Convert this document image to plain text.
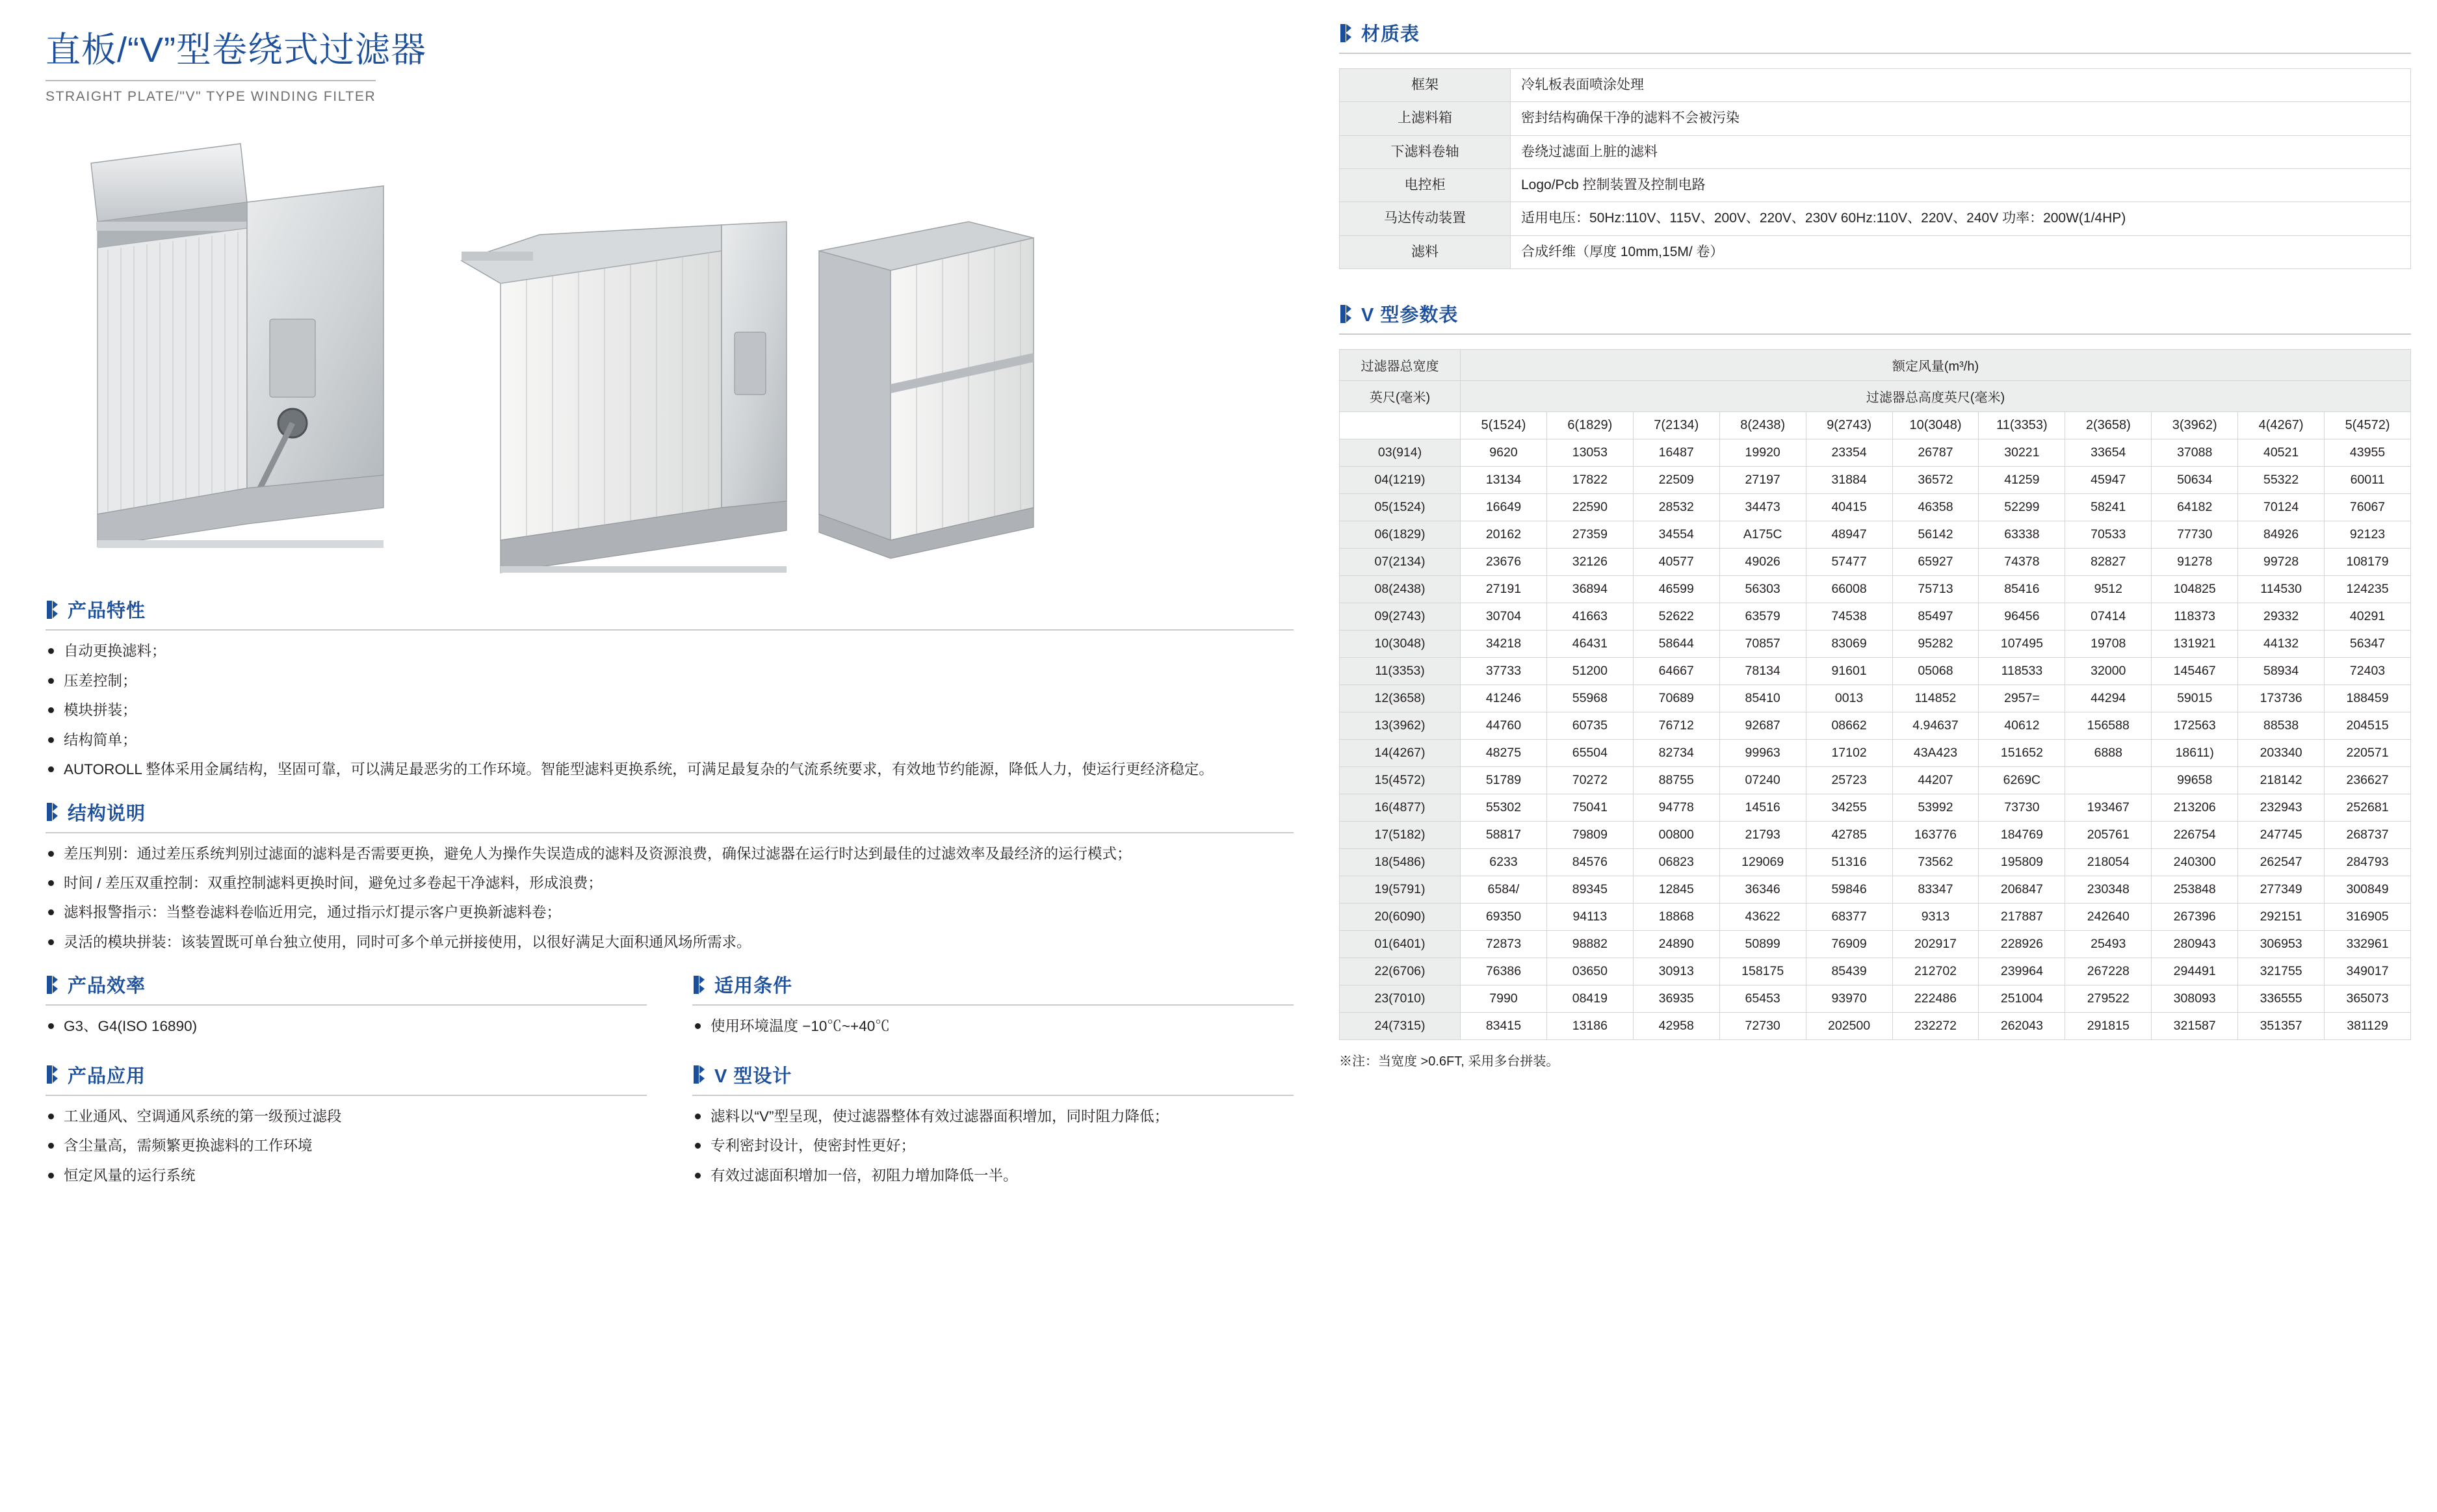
直板/“V”型卷绕式过滤器
STRAIGHT PLATE/"V" TYPE WINDING FILTER
产品特性
自动更换滤料；
压差控制；
模块拼装；
结构简单；
AUTOROLL 整体采用金属结构，坚固可靠，可以满足最恶劣的工作环境。智能型滤料更换系统，可满足最复杂的气流系统要求，有效地节约能源，降低人力，使运行更经济稳定。
结构说明
差压判别：通过差压系统判别过滤面的滤料是否需要更换，避免人为操作失误造成的滤料及资源浪费，确保过滤器在运行时达到最佳的过滤效率及最经济的运行模式；
时间 / 差压双重控制：双重控制滤料更换时间，避免过多卷起干净滤料，形成浪费；
滤料报警指示：当整卷滤料卷临近用完，通过指示灯提示客户更换新滤料卷；
灵活的模块拼装：该装置既可单台独立使用，同时可多个单元拼接使用，以很好满足大面积通风场所需求。
产品效率
G3、G4(ISO 16890)
适用条件
使用环境温度 −10℃~+40℃
产品应用
工业通风、空调通风系统的第一级预过滤段
含尘量高，需频繁更换滤料的工作环境
恒定风量的运行系统
V 型设计
滤料以“V”型呈现，使过滤器整体有效过滤器面积增加，同时阻力降低；
专利密封设计，使密封性更好；
有效过滤面积增加一倍，初阻力增加降低一半。
材质表
框架	冷轧板表面喷涂处理
上滤料箱	密封结构确保干净的滤料不会被污染
下滤料卷轴	卷绕过滤面上脏的滤料
电控柜	Logo/Pcb 控制装置及控制电路
马达传动装置	适用电压：50Hz:110V、115V、200V、220V、230V 60Hz:110V、220V、240V 功率：200W(1/4HP)
滤料	合成纤维（厚度 10mm,15M/ 卷）
V 型参数表
过滤器总宽度	额定风量(m³/h)										
英尺(毫米)	过滤器总高度英尺(毫米)										
	5(1524)	6(1829)	7(2134)	8(2438)	9(2743)	10(3048)	11(3353)	2(3658)	3(3962)	4(4267)	5(4572)
03(914)	9620	13053	16487	19920	23354	26787	30221	33654	37088	40521	43955
04(1219)	13134	17822	22509	27197	31884	36572	41259	45947	50634	55322	60011
05(1524)	16649	22590	28532	34473	40415	46358	52299	58241	64182	70124	76067
06(1829)	20162	27359	34554	A175C	48947	56142	63338	70533	77730	84926	92123
07(2134)	23676	32126	40577	49026	57477	65927	74378	82827	91278	99728	108179
08(2438)	27191	36894	46599	56303	66008	75713	85416	9512	104825	114530	124235
09(2743)	30704	41663	52622	63579	74538	85497	96456	07414	118373	29332	40291
10(3048)	34218	46431	58644	70857	83069	95282	107495	19708	131921	44132	56347
11(3353)	37733	51200	64667	78134	91601	05068	118533	32000	145467	58934	72403
12(3658)	41246	55968	70689	85410	0013	114852	2957=	44294	59015	173736	188459
13(3962)	44760	60735	76712	92687	08662	4.94637	40612	156588	172563	88538	204515
14(4267)	48275	65504	82734	99963	17102	43A423	151652	6888	18611)	203340	220571
15(4572)	51789	70272	88755	07240	25723	44207	6269C		99658	218142	236627
16(4877)	55302	75041	94778	14516	34255	53992	73730	193467	213206	232943	252681
17(5182)	58817	79809	00800	21793	42785	163776	184769	205761	226754	247745	268737
18(5486)	6233	84576	06823	129069	51316	73562	195809	218054	240300	262547	284793
19(5791)	6584/	89345	12845	36346	59846	83347	206847	230348	253848	277349	300849
20(6090)	69350	94113	18868	43622	68377	9313	217887	242640	267396	292151	316905
01(6401)	72873	98882	24890	50899	76909	202917	228926	25493	280943	306953	332961
22(6706)	76386	03650	30913	158175	85439	212702	239964	267228	294491	321755	349017
23(7010)	7990	08419	36935	65453	93970	222486	251004	279522	308093	336555	365073
24(7315)	83415	13186	42958	72730	202500	232272	262043	291815	321587	351357	381129
※注：当宽度 >0.6FT, 采用多台拼装。
